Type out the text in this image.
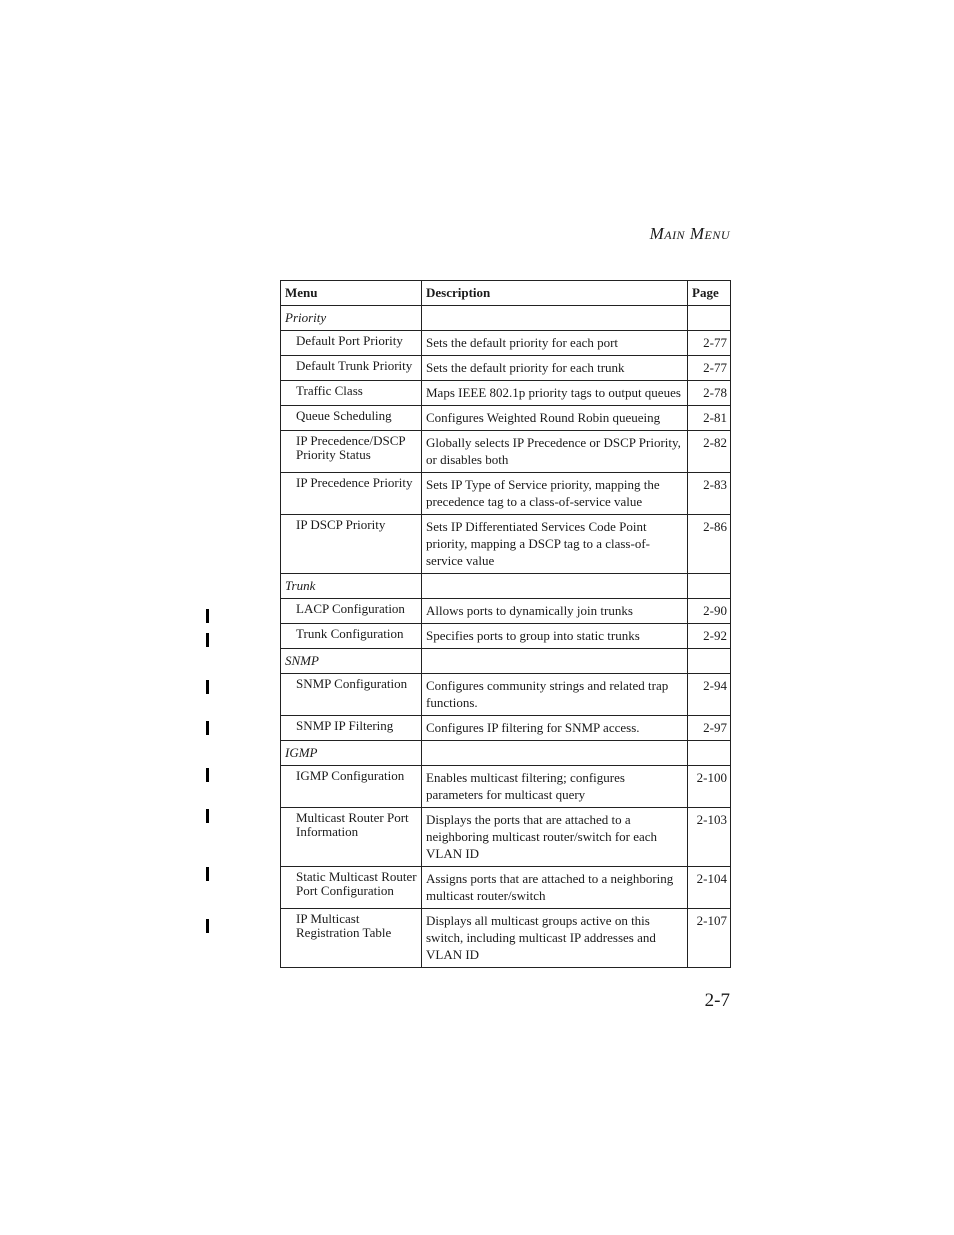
MAIN MENU
Menu	Description	Page
Priority		
Default Port Priority	Sets the default priority for each port	2-77
Default Trunk Priority	Sets the default priority for each trunk	2-77
Traffic Class	Maps IEEE 802.1p priority tags to output queues	2-78
Queue Scheduling	Configures Weighted Round Robin queueing	2-81
IP Precedence/DSCP Priority Status	Globally selects IP Precedence or DSCP Priority, or disables both	2-82
IP Precedence Priority	Sets IP Type of Service priority, mapping the precedence tag to a class-of-service value	2-83
IP DSCP Priority	Sets IP Differentiated Services Code Point priority, mapping a DSCP tag to a class-of-service value	2-86
Trunk		
LACP Configuration	Allows ports to dynamically join trunks	2-90
Trunk Configuration	Specifies ports to group into static trunks	2-92
SNMP		
SNMP Configuration	Configures community strings and related trap functions.	2-94
SNMP IP Filtering	Configures IP filtering for SNMP access.	2-97
IGMP		
IGMP Configuration	Enables multicast filtering; configures parameters for multicast query	2-100
Multicast Router Port Information	Displays the ports that are attached to a neighboring multicast router/switch for each VLAN ID	2-103
Static Multicast Router Port Configuration	Assigns ports that are attached to a neighboring multicast router/switch	2-104
IP Multicast Registration Table	Displays all multicast groups active on this switch, including multicast IP addresses and VLAN ID	2-107
2-7
